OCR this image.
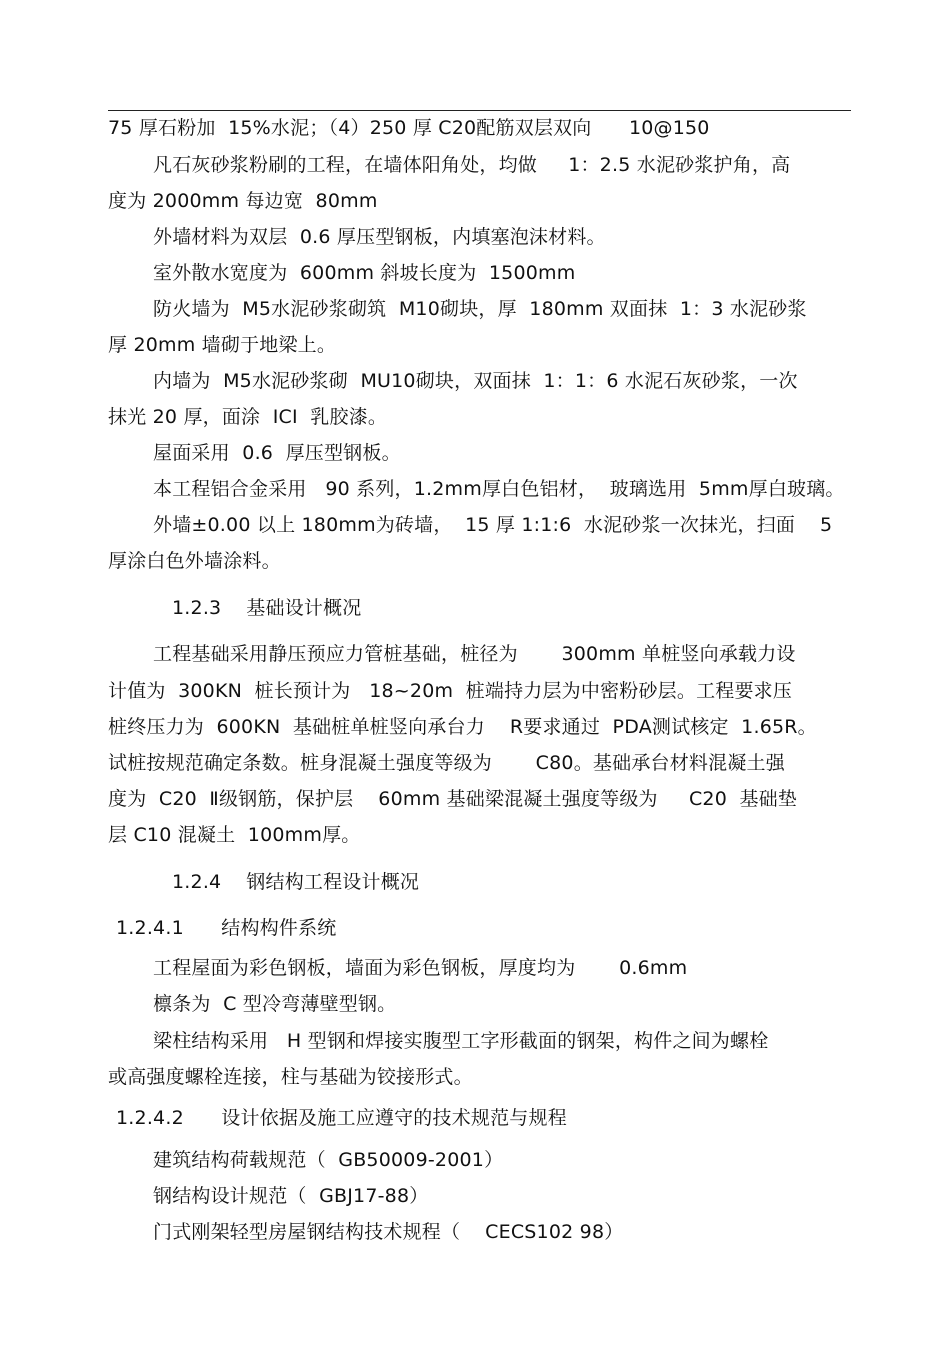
75 厚石粉加  15%水泥；（4）250 厚 C20配筋双层双向      10@150
凡石灰砂浆粉刷的工程，在墙体阳角处，均做     1：2.5 水泥砂浆护角，高
度为 2000mm 每边宽  80mm
外墙材料为双层  0.6 厚压型钢板，内填塞泡沫材料。
室外散水宽度为  600mm 斜坡长度为  1500mm
防火墙为  M5水泥砂浆砌筑  M10砌块，厚  180mm 双面抹  1：3 水泥砂浆
厚 20mm 墙砌于地梁上。
内墙为  M5水泥砂浆砌  MU10砌块，双面抹  1：1：6 水泥石灰砂浆，一次
抹光 20 厚，面涂  ICI  乳胶漆。
屋面采用  0.6  厚压型钢板。
本工程铝合金采用   90 系列，1.2mm厚白色铝材，  玻璃选用  5mm厚白玻璃。
外墙±0.00 以上 180mm为砖墙，  15 厚 1:1:6  水泥砂浆一次抹光，扫面    5
厚涂白色外墙涂料。
1.2.3    基础设计概况
工程基础采用静压预应力管桩基础，桩径为       300mm 单桩竖向承载力设
计值为  300KN  桩长预计为   18~20m  桩端持力层为中密粉砂层。工程要求压
桩终压力为  600KN  基础桩单桩竖向承台力    R要求通过  PDA测试核定  1.65R。
试桩按规范确定条数。桩身混凝土强度等级为       C80。基础承台材料混凝土强
度为  C20  Ⅱ级钢筋，保护层    60mm 基础梁混凝土强度等级为     C20  基础垫
层 C10 混凝土  100mm厚。
1.2.4    钢结构工程设计概况
1.2.4.1      结构构件系统
工程屋面为彩色钢板，墙面为彩色钢板，厚度均为       0.6mm
檩条为  C 型冷弯薄壁型钢。
梁柱结构采用   H 型钢和焊接实腹型工字形截面的钢架，构件之间为螺栓
或高强度螺栓连接，柱与基础为铰接形式。
1.2.4.2      设计依据及施工应遵守的技术规范与规程
建筑结构荷载规范（  GB50009-2001）
钢结构设计规范（  GBJ17-88）
门式刚架轻型房屋钢结构技术规程（    CECS102 98）
